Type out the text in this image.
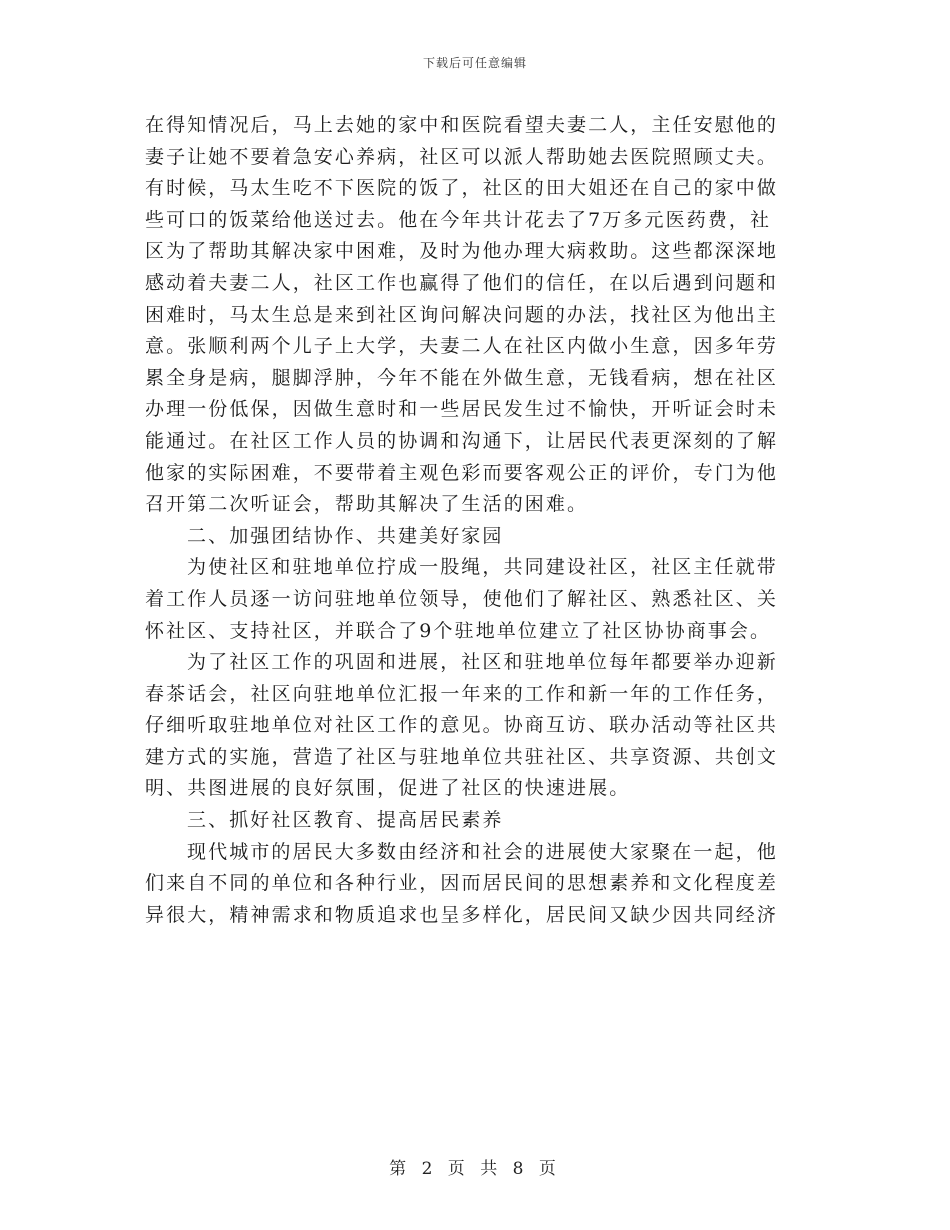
下载后可任意编辑
在得知情况后，马上去她的家中和医院看望夫妻二人，主任安慰他的
妻子让她不要着急安心养病，社区可以派人帮助她去医院照顾丈夫。
有时候，马太生吃不下医院的饭了，社区的田大姐还在自己的家中做
些可口的饭菜给他送过去。他在今年共计花去了7万多元医药费，社
区为了帮助其解决家中困难，及时为他办理大病救助。这些都深深地
感动着夫妻二人，社区工作也赢得了他们的信任，在以后遇到问题和
困难时，马太生总是来到社区询问解决问题的办法，找社区为他出主
意。张顺利两个儿子上大学，夫妻二人在社区内做小生意，因多年劳
累全身是病，腿脚浮肿，今年不能在外做生意，无钱看病，想在社区
办理一份低保，因做生意时和一些居民发生过不愉快，开听证会时未
能通过。在社区工作人员的协调和沟通下，让居民代表更深刻的了解
他家的实际困难，不要带着主观色彩而要客观公正的评价，专门为他
召开第二次听证会，帮助其解决了生活的困难。
二、加强团结协作、共建美好家园
为使社区和驻地单位拧成一股绳，共同建设社区，社区主任就带
着工作人员逐一访问驻地单位领导，使他们了解社区、熟悉社区、关
怀社区、支持社区，并联合了9个驻地单位建立了社区协协商事会。
为了社区工作的巩固和进展，社区和驻地单位每年都要举办迎新
春茶话会，社区向驻地单位汇报一年来的工作和新一年的工作任务，
仔细听取驻地单位对社区工作的意见。协商互访、联办活动等社区共
建方式的实施，营造了社区与驻地单位共驻社区、共享资源、共创文
明、共图进展的良好氛围，促进了社区的快速进展。
三、抓好社区教育、提高居民素养
现代城市的居民大多数由经济和社会的进展使大家聚在一起，他
们来自不同的单位和各种行业，因而居民间的思想素养和文化程度差
异很大，精神需求和物质追求也呈多样化，居民间又缺少因共同经济
第 2 页 共 8 页
